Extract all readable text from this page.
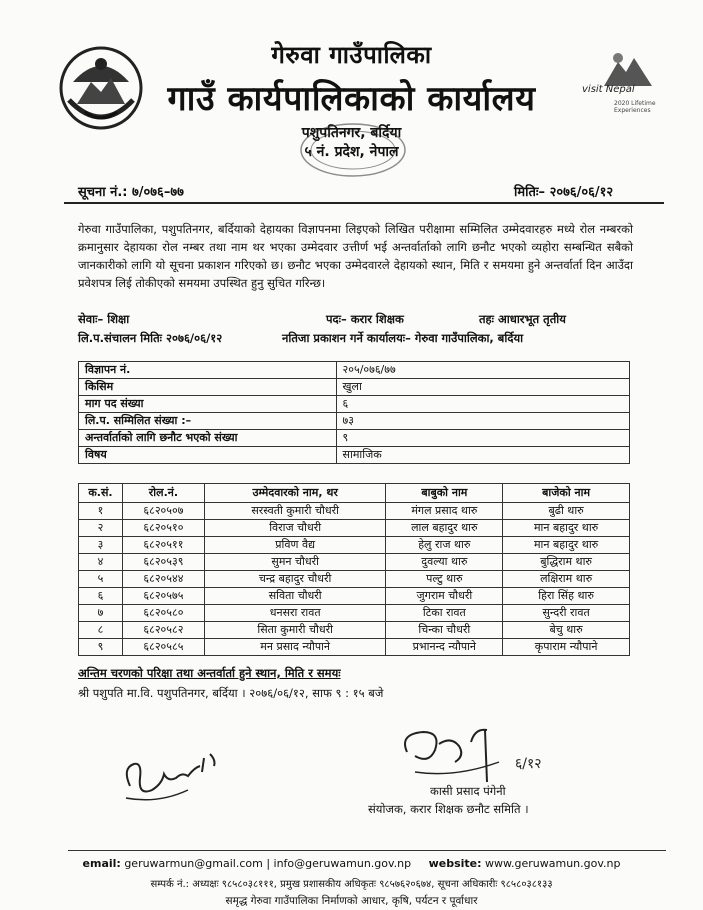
visit Nepal
2020 Lifetime Experiences
गेरुवा गाउँपालिका
गाउँ कार्यपालिकाको कार्यालय
पशुपतिनगर, बर्दिया
५ नं. प्रदेश, नेपाल
सूचना नं.: ७/०७६–७७	मितिः– २०७६/०६/१२
गेरुवा गाउँपालिका, पशुपतिनगर, बर्दियाको देहायका विज्ञापनमा लिइएको लिखित परीक्षामा सम्मिलित उम्मेदवारहरु मध्ये रोल नम्बरको क्रमानुसार देहायका रोल नम्बर तथा नाम थर भएका उम्मेदवार उत्तीर्ण भई अन्तर्वार्ताको लागि छनौट भएको व्यहोरा सम्बन्धित सबैको जानकारीको लागि यो सूचना प्रकाशन गरिएको छ। छनौट भएका उम्मेदवारले देहायको स्थान, मिति र समयमा हुने अन्तर्वार्ता दिन आउँदा प्रवेशपत्र लिई तोकीएको समयमा उपस्थित हुनु सुचित गरिन्छ।
सेवाः– शिक्षा	पदः– करार शिक्षक	तहः आधारभूत तृतीय
लि.प.संचालन मितिः २०७६/०६/१२	नतिजा प्रकाशन गर्ने कार्यालयः– गेरुवा गाउँपालिका, बर्दिया
विज्ञापन नं.	२०५/०७६/७७
किसिम	खुला
माग पद संख्या	६
लि.प. सम्मिलित संख्या :–	७३
अन्तर्वार्ताको लागि छनौट भएको संख्या	९
विषय	सामाजिक
क.सं.	रोल.नं.	उम्मेदवारको नाम, थर	बाबुको नाम	बाजेको नाम
१	६८२०५०७	सरस्वती कुमारी चौधरी	मंगल प्रसाद थारु	बुढी थारु
२	६८२०५१०	विराज चौधरी	लाल बहादुर थारु	मान बहादुर थारु
३	६८२०५११	प्रविण वैद्य	हेलु राज थारु	मान बहादुर थारु
४	६८२०५३९	सुमन चौधरी	दुवल्या थारु	बुद्धिराम थारु
५	६८२०५४४	चन्द्र बहादुर चौधरी	पल्टु थारु	लक्षिराम थारु
६	६८२०५७५	सविता चौधरी	जुगराम चौधरी	हिरा सिंह थारु
७	६८२०५८०	धनसरा रावत	टिका रावत	सुन्दरी रावत
८	६८२०५८२	सिता कुमारी चौधरी	चिन्का चौधरी	बेचु थारु
९	६८२०५८५	मन प्रसाद न्यौपाने	प्रभानन्द न्यौपाने	कृपाराम न्यौपाने
अन्तिम चरणको परिक्षा तथा अन्तर्वार्ता हुने स्थान, मिति र समयः
श्री पशुपति मा.वि. पशुपतिनगर, बर्दिया । २०७६/०६/१२, साफ ९ : १५ बजे
६/१२
कासी प्रसाद पंगेनी
संयोजक, करार शिक्षक छनौट समिति ।
email: geruwarmun@gmail.com | info@geruwamun.gov.np website: www.geruwamun.gov.np
सम्पर्क नं.: अध्यक्षः ९८५८०३८१११, प्रमुख प्रशासकीय अधिकृतः ९८५७६२०६७४, सूचना अधिकारीः ९८५८०३८१३३
समृद्ध गेरुवा गाउँपालिका निर्माणको आधार, कृषि, पर्यटन र पूर्वाधार
